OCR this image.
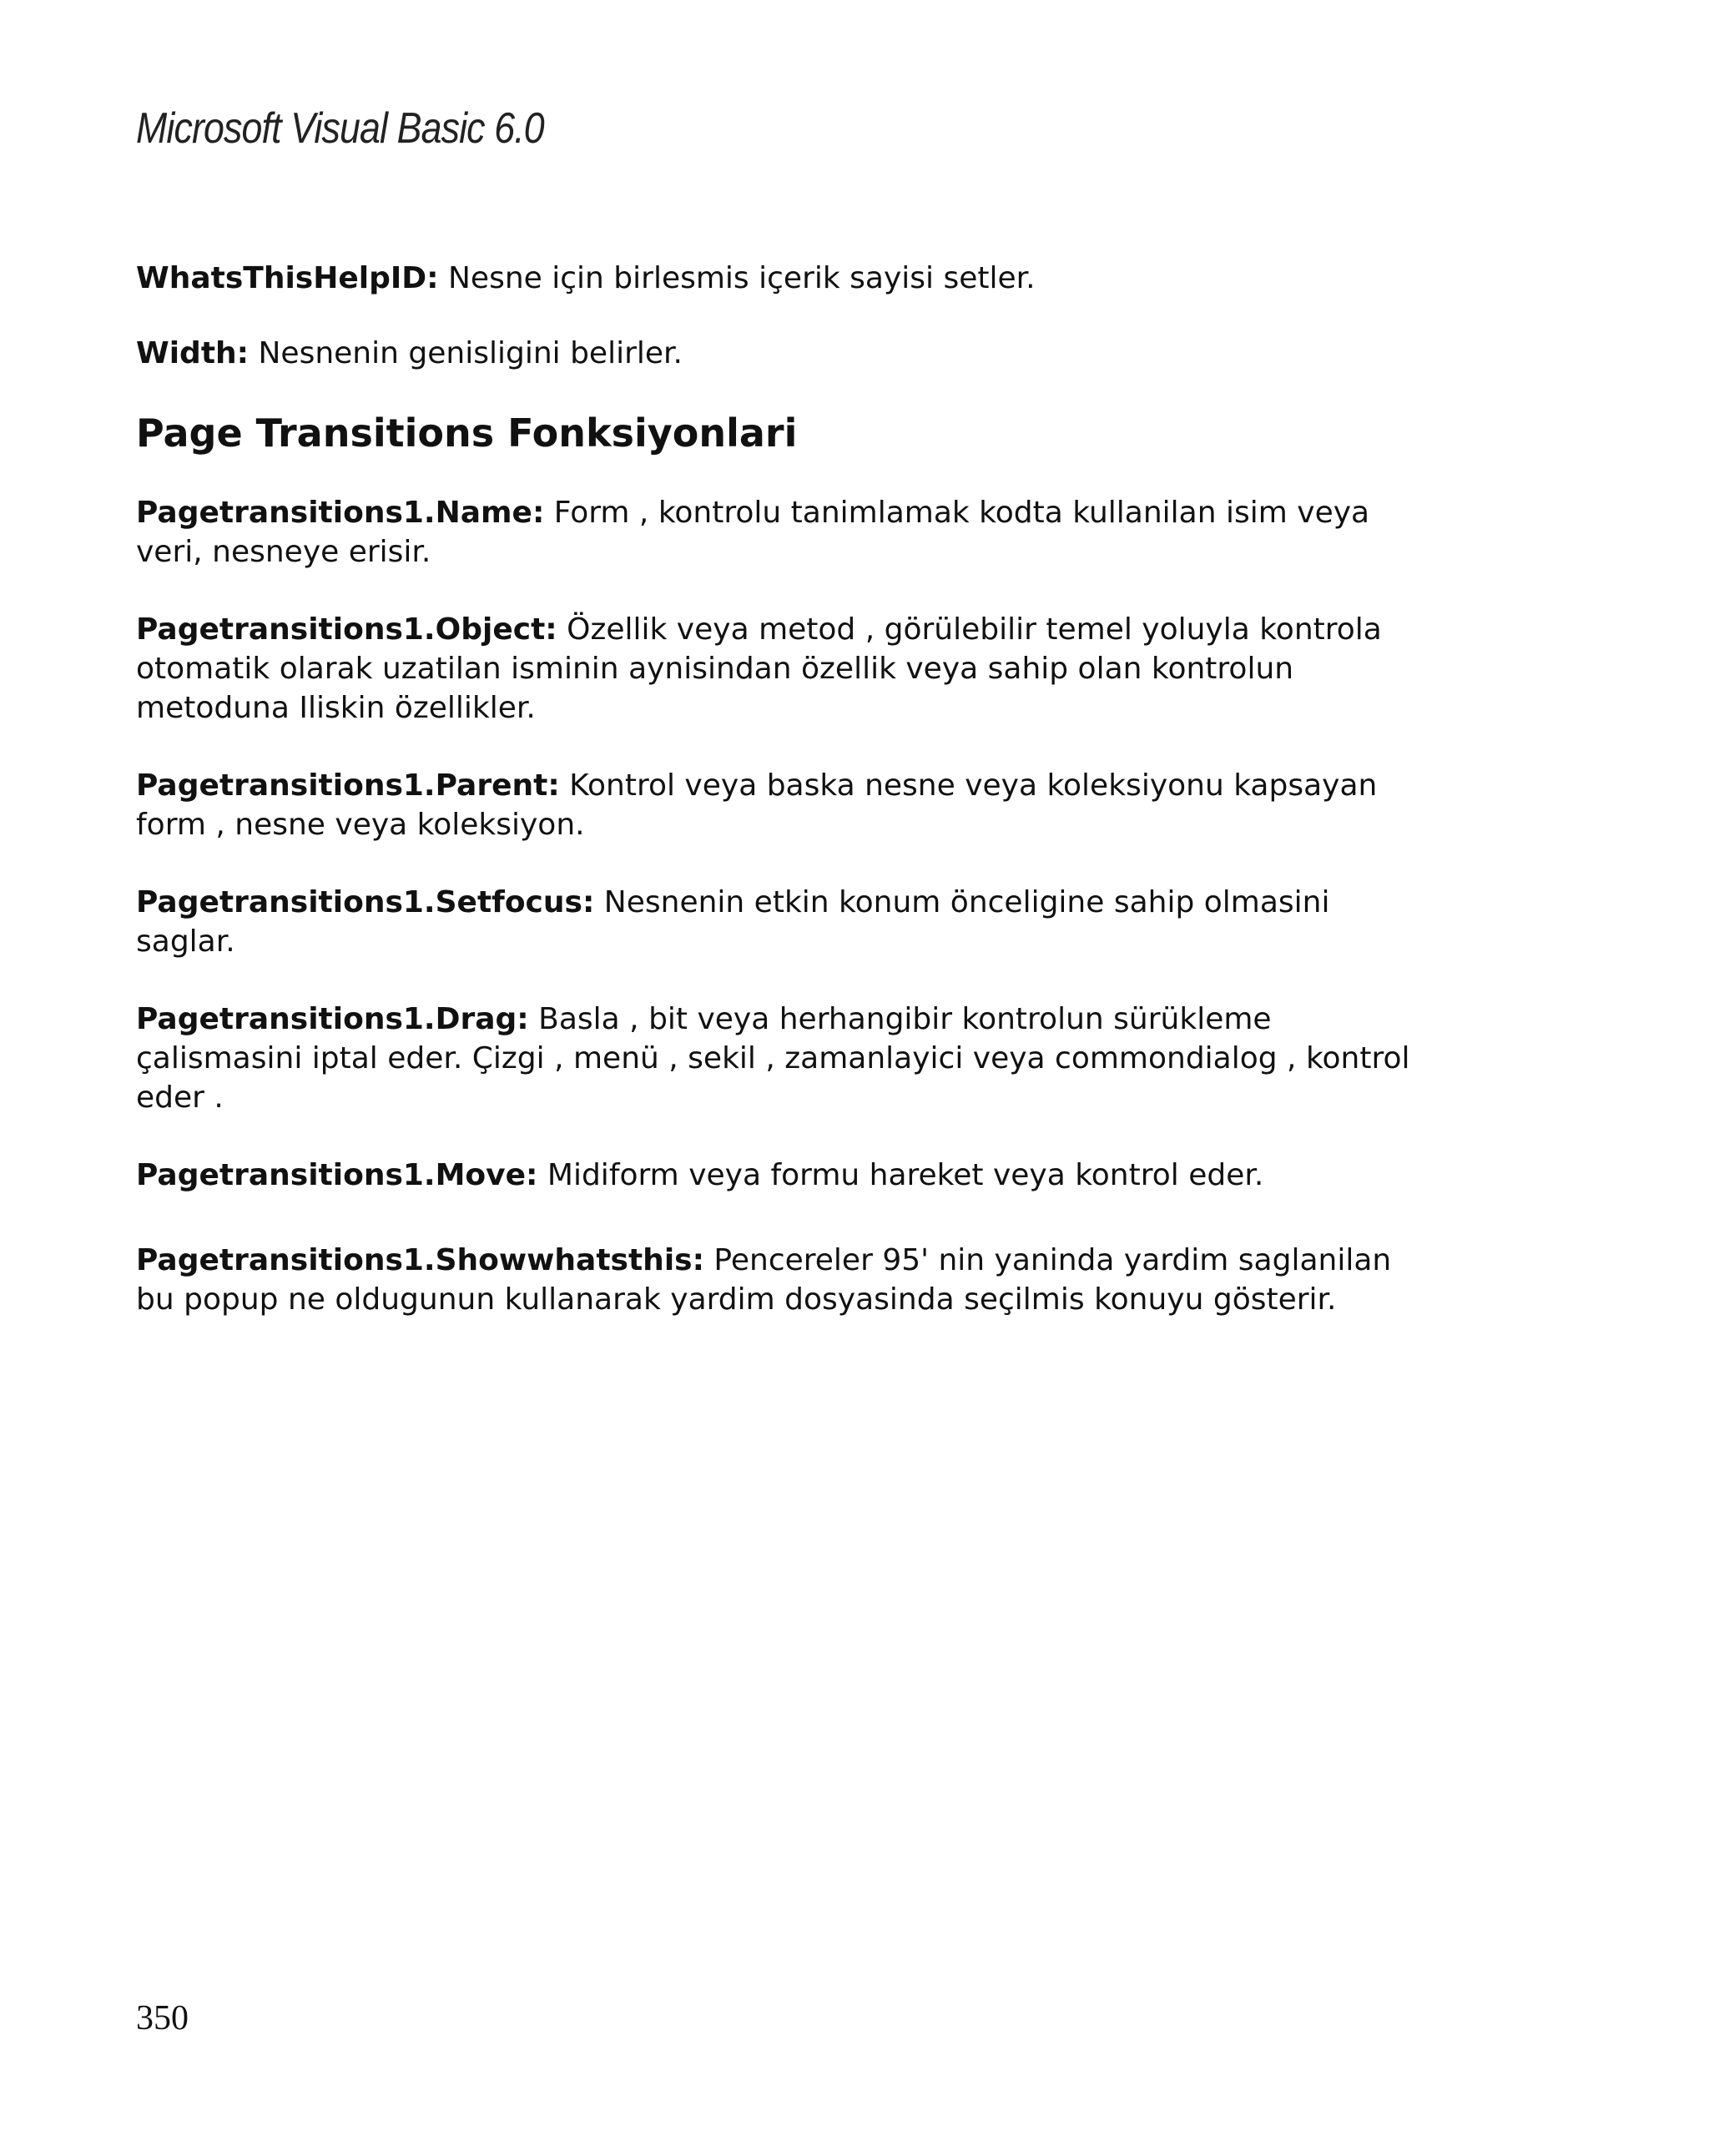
Microsoft Visual Basic 6.0

WhatsThisHelpID: Nesne için birlesmis içerik sayisi setler.

Width: Nesnenin genisligini belirler.

Page Transitions Fonksiyonlari

Pagetransitions1.Name: Form , kontrolu tanimlamak kodta kullanilan isim veya veri, nesneye erisir.

Pagetransitions1.Object: Özellik veya metod , görülebilir temel yoluyla kontrola otomatik olarak uzatilan isminin aynisindan özellik veya sahip olan kontrolun metoduna Iliskin özellikler.

Pagetransitions1.Parent: Kontrol veya baska nesne veya koleksiyonu kapsayan form , nesne veya koleksiyon.

Pagetransitions1.Setfocus: Nesnenin etkin konum önceligine sahip olmasini saglar.

Pagetransitions1.Drag: Basla , bit veya herhangibir kontrolun sürükleme çalismasini iptal eder. Çizgi , menü , sekil , zamanlayici veya commondialog , kontrol eder .

Pagetransitions1.Move: Midiform veya formu hareket veya kontrol eder.

Pagetransitions1.Showwhatsthis: Pencereler 95' nin yaninda yardim saglanilan bu popup ne oldugunun kullanarak yardim dosyasinda seçilmis konuyu gösterir.

350
